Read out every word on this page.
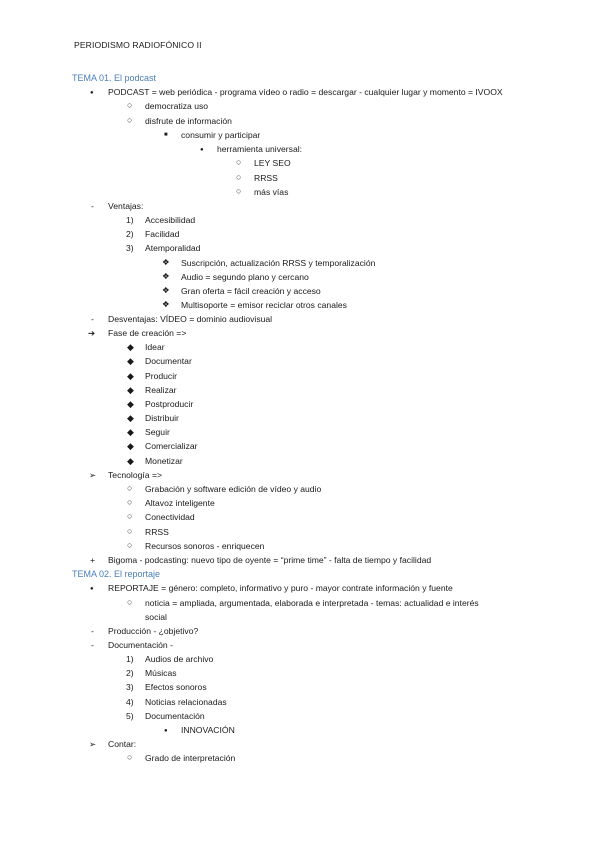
PERIODISMO RADIOFÓNICO II
TEMA 01. El podcast
● PODCAST = web periódica - programa vídeo o radio = descargar - cualquier lugar y momento = IVOOX
○ democratiza uso
○ disfrute de información
■ consumir y participar
● herramienta universal:
○ LEY SEO
○ RRSS
○ más vías
- Ventajas:
1) Accesibilidad
2) Facilidad
3) Atemporalidad
❖ Suscripción, actualización RRSS y temporalización
❖ Audio = segundo plano y cercano
❖ Gran oferta = fácil creación y acceso
❖ Multisoporte = emisor reciclar otros canales
- Desventajas: VÍDEO = dominio audiovisual
➔ Fase de creación =>
◆ Idear
◆ Documentar
◆ Producir
◆ Realizar
◆ Postproducir
◆ Distribuir
◆ Seguir
◆ Comercializar
◆ Monetizar
➢ Tecnología =>
○ Grabación y software edición de vídeo y audio
○ Altavoz inteligente
○ Conectividad
○ RRSS
○ Recursos sonoros - enriquecen
+ Bigoma - podcasting: nuevo tipo de oyente = “prime time” - falta de tiempo y facilidad
TEMA 02. El reportaje
● REPORTAJE = género: completo, informativo y puro - mayor contrate información y fuente
○ noticia = ampliada, argumentada, elaborada e interpretada - temas: actualidad e interés
social
- Producción - ¿objetivo?
- Documentación -
1) Audios de archivo
2) Músicas
3) Efectos sonoros
4) Noticias relacionadas
5) Documentación
● INNOVACIÓN
➢ Contar:
○ Grado de interpretación
